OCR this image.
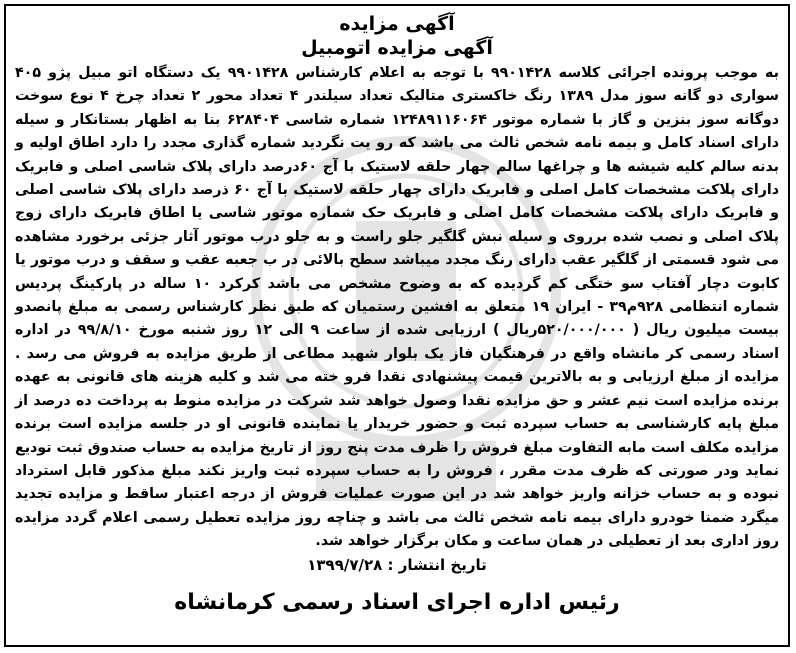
آگهی مزایده
آگهی مزایده اتومبیل
به موجب پرونده اجرائی کلاسه ۹۹۰۱۴۲۸ با توجه به اعلام کارشناس ۹۹۰۱۴۲۸ یک دستگاه اتو مبیل پژو ۴۰۵ سواری دو گانه سوز مدل ۱۳۸۹ رنگ خاکستری متالیک تعداد سیلندر ۴ تعداد محور ۲ تعداد چرخ ۴ نوع سوخت دوگانه سوز بنزین و گاز با شماره موتور ۱۲۴۸۹۱۱۶۰۶۴ شماره شاسی ۶۲۸۴۰۴ بنا به اظهار بستانکار و سیله دارای اسناد کامل و بیمه نامه شخص ثالث می باشد که رو یت نگردید شماره گذاری مجدد را دارد اطاق اولیه و بدنه سالم کلیه شیشه ها و چراغها سالم چهار حلقه لاستیک با آج ۶۰درصد دارای پلاک شاسی اصلی و فابریک دارای پلاکت مشخصات کامل اصلی و فابریک دارای چهار حلقه لاستیک با آج ۶۰ ذرصد دارای پلاک شاسی اصلی و فابریک دارای پلاکت مشخصات کامل اصلی و فابریک حک شماره موتور شاسی یا اطاق فابریک دارای زوج پلاک اصلی و نصب شده برروی و سیله نبش گلگیر جلو راست و به جلو درب موتور آثار جزئی برخورد مشاهده می شود قسمتی از گلگیر عقب دارای رنگ مجدد میباشد سطح بالائی در ب جعبه عقب و سقف و درب موتور یا کابوت دچار آفتاب سو ختگی کم گردیده که به وضوح مشخص می باشد کرکرد ۱۰ ساله در پارکینگ پردیس شماره انتظامی ۹۲۸م۳۹ - ایران ۱۹ متعلق به افشین رستمیان که طبق نظر کارشناس رسمی به مبلغ پانصدو بیست میلیون ریال ( ۵۲۰/۰۰۰/۰۰۰ریال ) ارزیابی شده از ساعت ۹ الی ۱۲ روز شنبه مورخ ۹۹/۸/۱۰ در اداره اسناد رسمی کر مانشاه واقع در فرهنگیان فاز یک بلوار شهید مطاعی از طریق مزایده به فروش می رسد . مزایده از مبلغ ارزیابی و به بالاترین قیمت پیشنهادی نقدا فرو خته می شد و کلیه هزینه های قانونی به عهده برنده مزایده است نیم عشر و حق مزایده نقدا وصول خواهد شد شرکت در مزایده منوط به پرداخت ده درصد از مبلغ پایه کارشناسی به حساب سپرده ثبت و حضور خریدار یا نماینده قانونی او در جلسه مزایده است برنده مزایده مکلف است مابه التفاوت مبلغ فروش را ظرف مدت پنج روز از تاریخ مزایده به حساب صندوق ثبت تودیع نماید ودر صورتی که ظرف مدت مقرر ، فروش را به حساب سپرده ثبت واریز نکند مبلغ مذکور قابل استرداد نبوده و به حساب خزانه واریز خواهد شد در این صورت عملیات فروش از درجه اعتبار ساقط و مزایده تجدید میگرد ضمنا خودرو دارای بیمه نامه شخص ثالث می باشد و چناچه روز مزایده تعطیل رسمی اعلام گردد مزایده روز اداری بعد از تعطیلی در همان ساعت و مکان برگزار خواهد شد.
تاریخ انتشار : ۱۳۹۹/۷/۲۸
رئیس اداره اجرای اسناد رسمی کرمانشاه
